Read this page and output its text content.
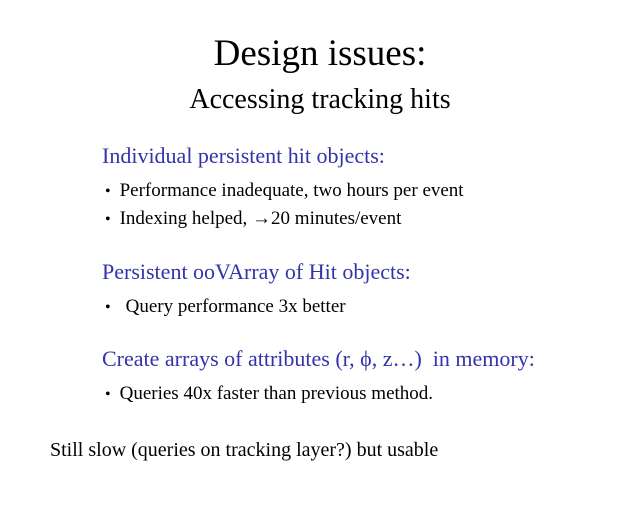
Design issues:
Accessing tracking hits
Individual persistent hit objects:
• Performance inadequate, two hours per event
• Indexing helped, →20 minutes/event
Persistent ooVArray of Hit objects:
• Query performance 3x better
Create arrays of attributes (r, ϕ, z…)  in memory:
• Queries 40x faster than previous method.
Still slow (queries on tracking layer?) but usable
